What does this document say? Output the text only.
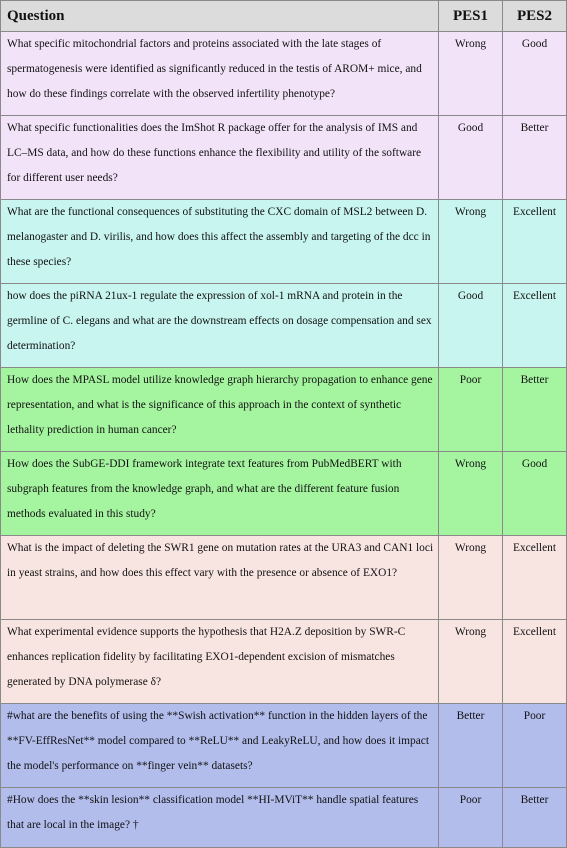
Question	PES1	PES2
What specific mitochondrial factors and proteins associated with the late stages of spermatogenesis were identified as significantly reduced in the testis of AROM+ mice, and how do these findings correlate with the observed infertility phenotype?	Wrong	Good
What specific functionalities does the ImShot R package offer for the analysis of IMS and LC–MS data, and how do these functions enhance the flexibility and utility of the software for different user needs?	Good	Better
What are the functional consequences of substituting the CXC domain of MSL2 between D. melanogaster and D. virilis, and how does this affect the assembly and targeting of the dcc in these species?	Wrong	Excellent
how does the piRNA 21ux-1 regulate the expression of xol-1 mRNA and protein in the germline of C. elegans and what are the downstream effects on dosage compensation and sex determination?	Good	Excellent
How does the MPASL model utilize knowledge graph hierarchy propagation to enhance gene representation, and what is the significance of this approach in the context of synthetic lethality prediction in human cancer?	Poor	Better
How does the SubGE-DDI framework integrate text features from PubMedBERT with subgraph features from the knowledge graph, and what are the different feature fusion methods evaluated in this study?	Wrong	Good
What is the impact of deleting the SWR1 gene on mutation rates at the URA3 and CAN1 loci in yeast strains, and how does this effect vary with the presence or absence of EXO1?	Wrong	Excellent
What experimental evidence supports the hypothesis that H2A.Z deposition by SWR-C enhances replication fidelity by facilitating EXO1-dependent excision of mismatches generated by DNA polymerase δ?	Wrong	Excellent
#what are the benefits of using the **Swish activation** function in the hidden layers of the **FV-EffResNet** model compared to **ReLU** and LeakyReLU, and how does it impact the model's performance on **finger vein** datasets?	Better	Poor
#How does the **skin lesion** classification model **HI-MViT** handle spatial features that are local in the image? †	Poor	Better
